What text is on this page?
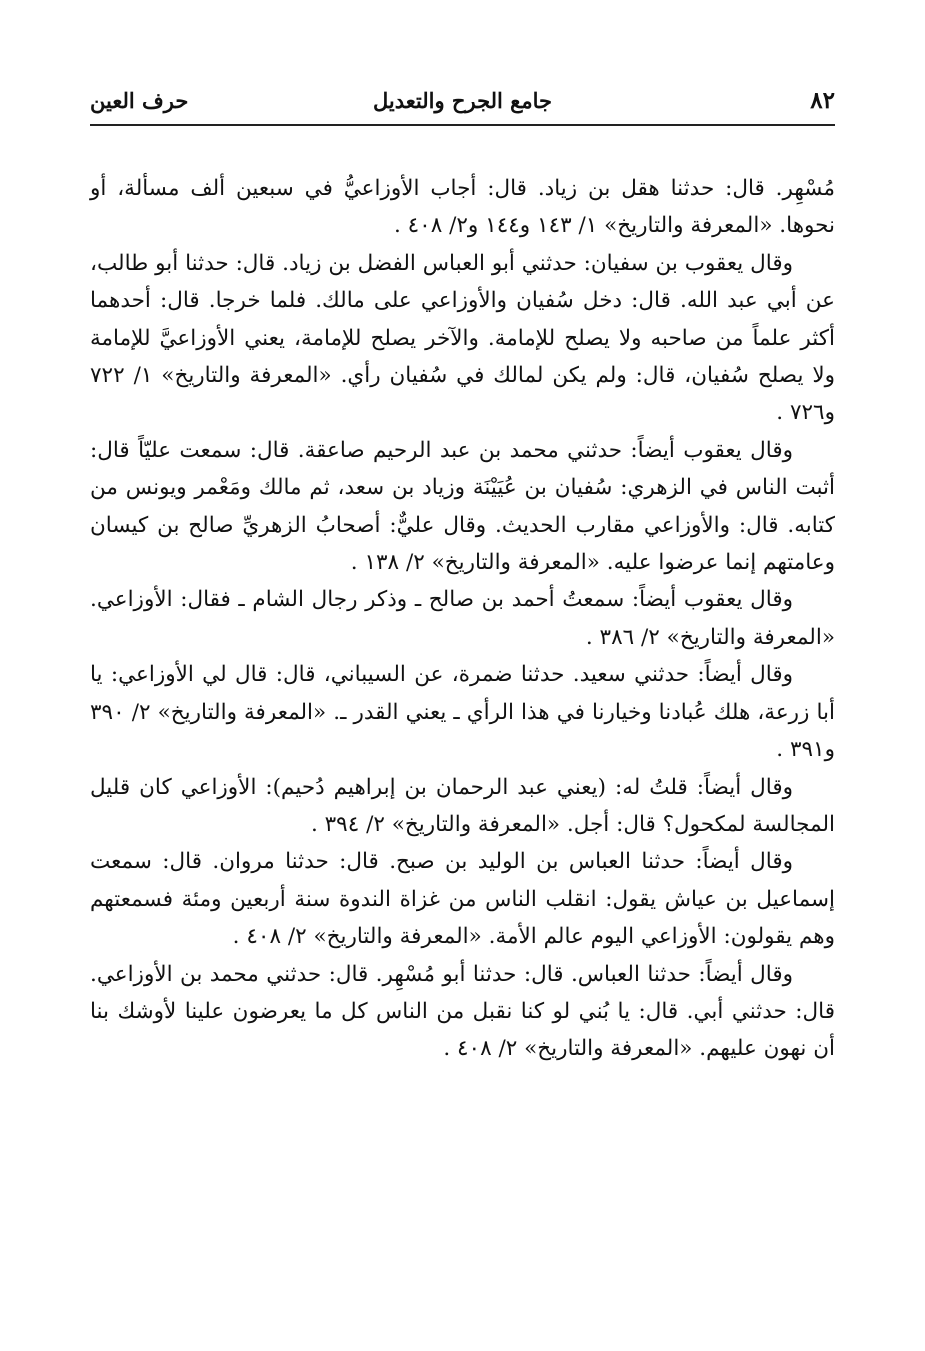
حرف العين	جامع الجرح والتعديل	٨٢

مُسْهِر. قال: حدثنا هقل بن زياد. قال: أجاب الأوزاعيُّ في سبعين ألف مسألة، أو نحوها. «المعرفة والتاريخ» ١/ ١٤٣ و١٤٤ و٢/ ٤٠٨ .

وقال يعقوب بن سفيان: حدثني أبو العباس الفضل بن زياد. قال: حدثنا أبو طالب، عن أبي عبد الله. قال: دخل سُفيان والأوزاعي على مالك. فلما خرجا. قال: أحدهما أكثر علماً من صاحبه ولا يصلح للإمامة. والآخر يصلح للإمامة، يعني الأوزاعيَّ للإمامة ولا يصلح سُفيان، قال: ولم يكن لمالك في سُفيان رأي. «المعرفة والتاريخ» ١/ ٧٢٢ و٧٢٦ .

وقال يعقوب أيضاً: حدثني محمد بن عبد الرحيم صاعقة. قال: سمعت عليّاً قال: أثبت الناس في الزهري: سُفيان بن عُيَيْنَة وزياد بن سعد، ثم مالك ومَعْمر ويونس من كتابه. قال: والأوزاعي مقارب الحديث. وقال عليٌّ: أصحابُ الزهريِّ صالح بن كيسان وعامتهم إنما عرضوا عليه. «المعرفة والتاريخ» ٢/ ١٣٨ .

وقال يعقوب أيضاً: سمعتُ أحمد بن صالح ـ وذكر رجال الشام ـ فقال: الأوزاعي. «المعرفة والتاريخ» ٢/ ٣٨٦ .

وقال أيضاً: حدثني سعيد. حدثنا ضمرة، عن السيباني، قال: قال لي الأوزاعي: يا أبا زرعة، هلك عُبادنا وخيارنا في هذا الرأي ـ يعني القدر ـ. «المعرفة والتاريخ» ٢/ ٣٩٠ و٣٩١ .

وقال أيضاً: قلتُ له: (يعني عبد الرحمان بن إبراهيم دُحيم): الأوزاعي كان قليل المجالسة لمكحول؟ قال: أجل. «المعرفة والتاريخ» ٢/ ٣٩٤ .

وقال أيضاً: حدثنا العباس بن الوليد بن صبح. قال: حدثنا مروان. قال: سمعت إسماعيل بن عياش يقول: انقلب الناس من غزاة الندوة سنة أربعين ومئة فسمعتهم وهم يقولون: الأوزاعي اليوم عالم الأمة. «المعرفة والتاريخ» ٢/ ٤٠٨ .

وقال أيضاً: حدثنا العباس. قال: حدثنا أبو مُسْهِر. قال: حدثني محمد بن الأوزاعي. قال: حدثني أبي. قال: يا بُني لو كنا نقبل من الناس كل ما يعرضون علينا لأوشك بنا أن نهون عليهم. «المعرفة والتاريخ» ٢/ ٤٠٨ .
